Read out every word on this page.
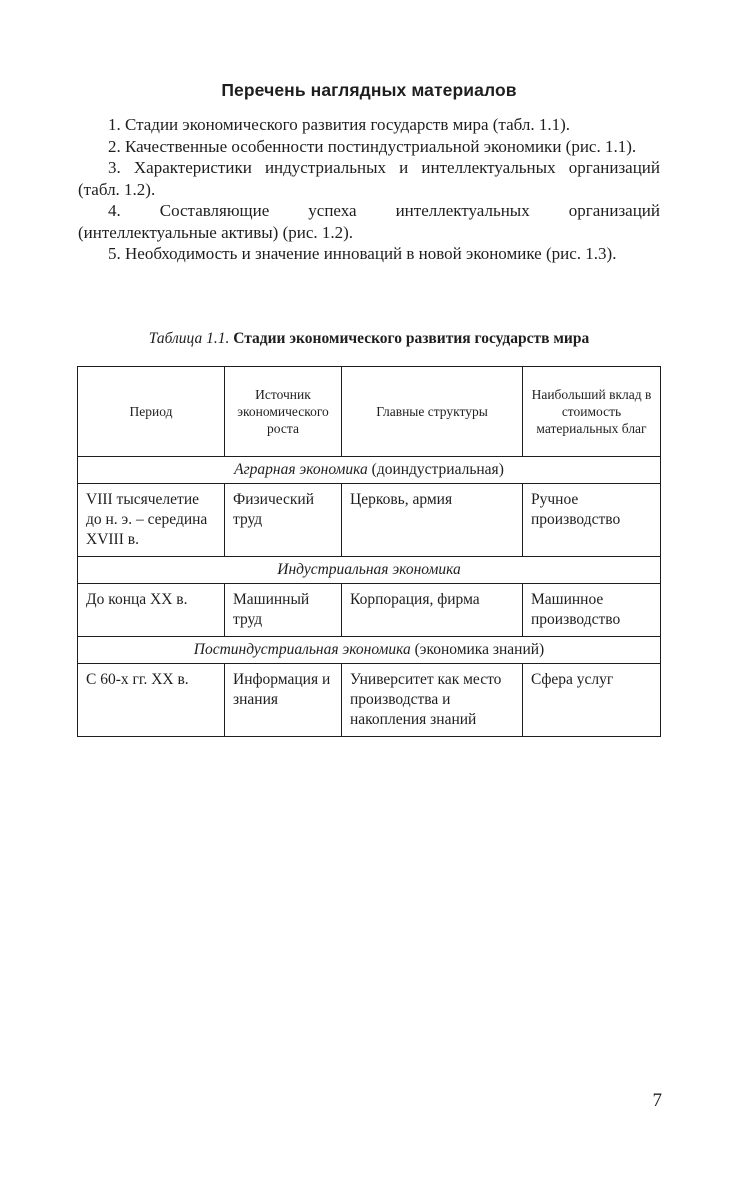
Перечень наглядных материалов

1. Стадии экономического развития государств мира (табл. 1.1).

2. Качественные особенности постиндустриальной экономики (рис. 1.1).

3. Характеристики индустриальных и интеллектуальных организаций (табл. 1.2).

4. Составляющие успеха интеллектуальных организаций (интеллектуальные активы) (рис. 1.2).

5. Необходимость и значение инноваций в новой экономике (рис. 1.3).

Таблица 1.1. Стадии экономического развития государств мира
Период	Источник экономического роста	Главные структуры	Наибольший вклад в стоимость материальных благ
Аграрная экономика (доиндустриальная)			
VIII тысячелетие до н. э. – середина XVIII в.	Физический труд	Церковь, армия	Ручное производство
Индустриальная экономика			
До конца XX в.	Машинный труд	Корпорация, фирма	Машинное производство
Постиндустриальная экономика (экономика знаний)			
С 60-х гг. XX в.	Информация и знания	Университет как место производства и накопления знаний	Сфера услуг
7
